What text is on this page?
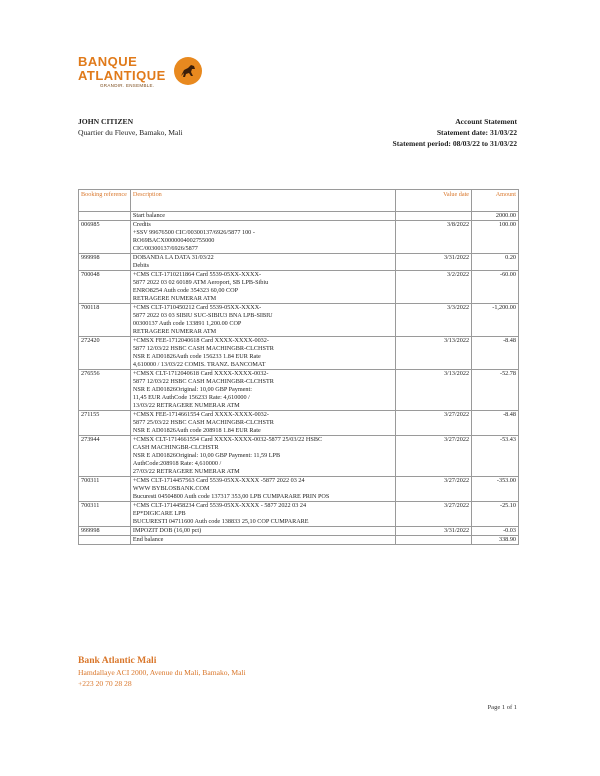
BANQUE
ATLANTIQUE
GRANDIR. ENSEMBLE.
JOHN CITIZEN
Quartier du Fleuve, Bamako, Mali
Account Statement
Statement date: 31/03/22
Statement period: 08/03/22 to 31/03/22
Booking reference	Description	Value date	Amount

	Start balance		2000.00
006985	Credits
+SSV 99676500 CIC/00300137/6926/5877 100 -
RO69BACX0000004002755000
CIC/00300137/6926/5877	3/8/2022	100.00
999998	DOBANDA LA DATA 31/03/22
Debits	3/31/2022	0.20
700048	+CMS CLT-1710211864 Card 5539-05XX-XXXX-
5877 2022 03 02 60189 ATM Aeroport, SB LPB-Sibiu
ENRO8254 Auth code 354323 60,00 COP
RETRAGERE NUMERAR ATM	3/2/2022	-60.00
700118	+CMS CLT-1710450212 Card 5539-05XX-XXXX-
5877 2022 03 03 SIBIU SUC-SIBIU3 BNA LPB-SIBIU
00300137 Auth code 133891 1,200.00 COP
RETRAGERE NUMERAR ATM	3/3/2022	-1,200.00
272420	+CMSX FEE-1712040618 Card XXXX-XXXX-0032-
5877 12/03/22 HSBC CASH MACHINGBR-CLCHSTR
NSR E AD01826Auth code 156233 1.84 EUR Rate
4,610000 / 13/03/22 COMIS. TRANZ. BANCOMAT	3/13/2022	-8.48
276556	+CMSX CLT-1712040618 Card XXXX-XXXX-0032-
5877 12/03/22 HSBC CASH MACHINGBR-CLCHSTR
NSR E AD01826Original: 10,00 GBP Payment:
11,45 EUR AuthCode 156233 Rate: 4,610000 /
13/03/22 RETRAGERE NUMERAR ATM	3/13/2022	-52.78
271155	+CMSX FEE-1714661554 Card XXXX-XXXX-0032-
5877 25/03/22 HSBC CASH MACHINGBR-CLCHSTR
NSR E AD01826Auth code 208918 1.84 EUR Rate	3/27/2022	-8.48
273944	+CMSX CLT-1714661554 Card XXXX-XXXX-0032-5877 25/03/22 HSBC
CASH MACHINGBR-CLCHSTR
NSR E AD01826Original: 10,00 GBP Payment: 11,59 LPB
AuthCode:208918 Rate: 4,610000 /
27/03/22 RETRAGERE NUMERAR ATM	3/27/2022	-53.43
700311	+CMS CLT-1714457563 Card 5539-05XX-XXXX -5877 2022 03 24
WWW BYBLOSBANK.COM
Bucuresti 04504800 Auth code 137317 353,00 LPB CUMPARARE PRIN POS	3/27/2022	-353.00
700311	+CMS CLT-1714458234 Card 5539-05XX-XXXX - 5877 2022 03 24
EP*DIGICARE LPB
BUCURESTI 04711600 Auth code 138833 25,10 COP CUMPARARE	3/27/2022	-25.10
999998	IMPOZIT DOB (16,00 pct)	3/31/2022	-0.03

	End balance		338.90
Bank Atlantic Mali
Hamdallaye ACI 2000, Avenue du Mali, Bamako, Mali
+223 20 70 28 28
Page 1 of 1
